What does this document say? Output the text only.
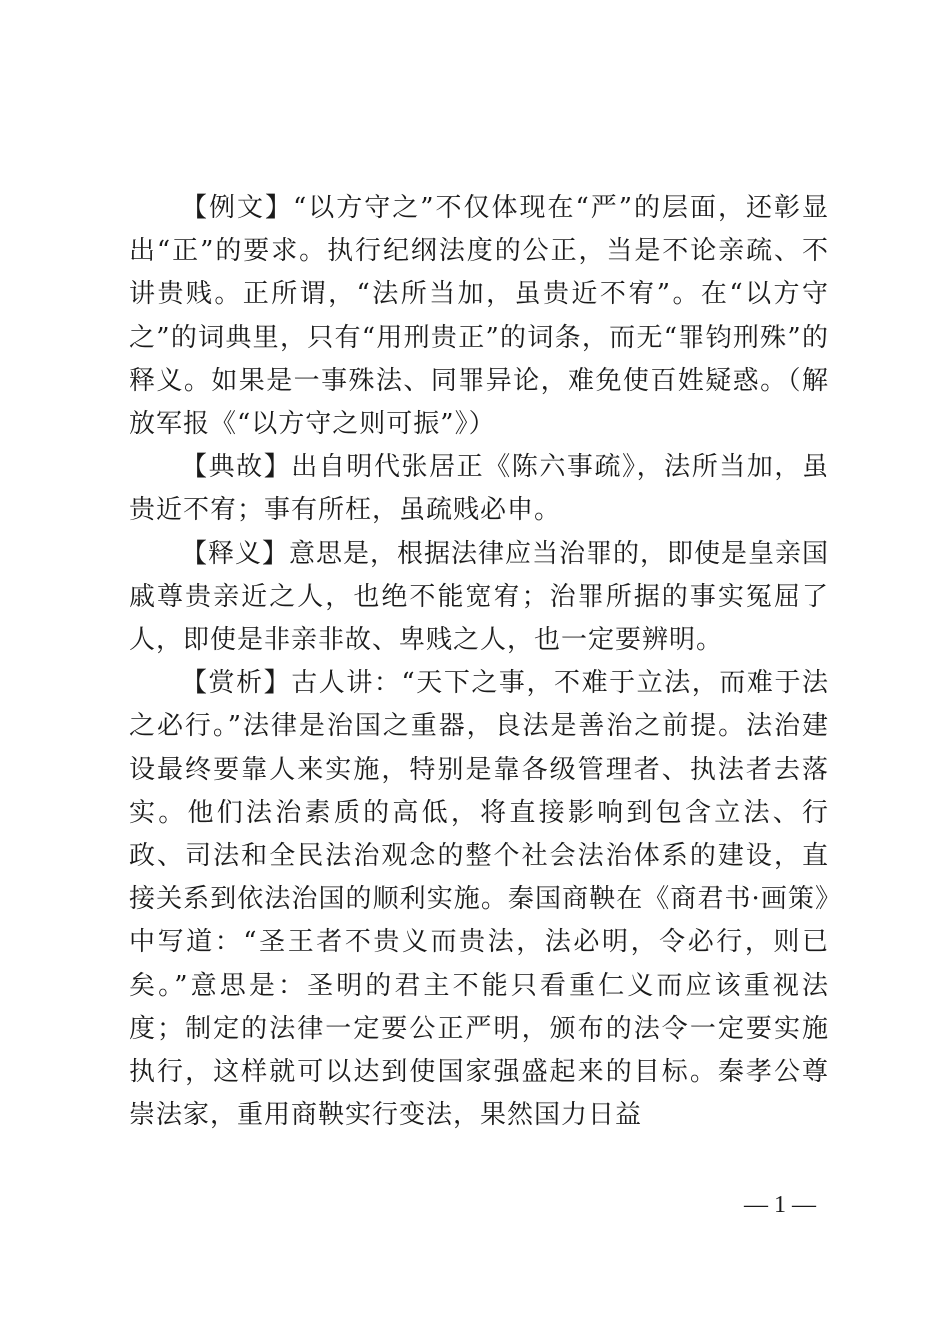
【例文】“以方守之”不仅体现在“严”的层面，还彰显出“正”的要求。执行纪纲法度的公正，当是不论亲疏、不讲贵贱。正所谓，“法所当加，虽贵近不宥”。在“以方守之”的词典里，只有“用刑贵正”的词条，而无“罪钧刑殊”的释义。如果是一事殊法、同罪异论，难免使百姓疑惑。（解放军报《“以方守之则可振”》）

【典故】出自明代张居正《陈六事疏》，法所当加，虽贵近不宥；事有所枉，虽疏贱必申。

【释义】意思是，根据法律应当治罪的，即使是皇亲国戚尊贵亲近之人，也绝不能宽宥；治罪所据的事实冤屈了人，即使是非亲非故、卑贱之人，也一定要辨明。

【赏析】古人讲：“天下之事，不难于立法，而难于法之必行。”法律是治国之重器，良法是善治之前提。法治建设最终要靠人来实施，特别是靠各级管理者、执法者去落实。他们法治素质的高低，将直接影响到包含立法、行政、司法和全民法治观念的整个社会法治体系的建设，直接关系到依法治国的顺利实施。秦国商鞅在《商君书·画策》中写道：“圣王者不贵义而贵法，法必明，令必行，则已矣。”意思是：圣明的君主不能只看重仁义而应该重视法度；制定的法律一定要公正严明，颁布的法令一定要实施执行，这样就可以达到使国家强盛起来的目标。秦孝公尊崇法家，重用商鞅实行变法，果然国力日益

— 1 —
